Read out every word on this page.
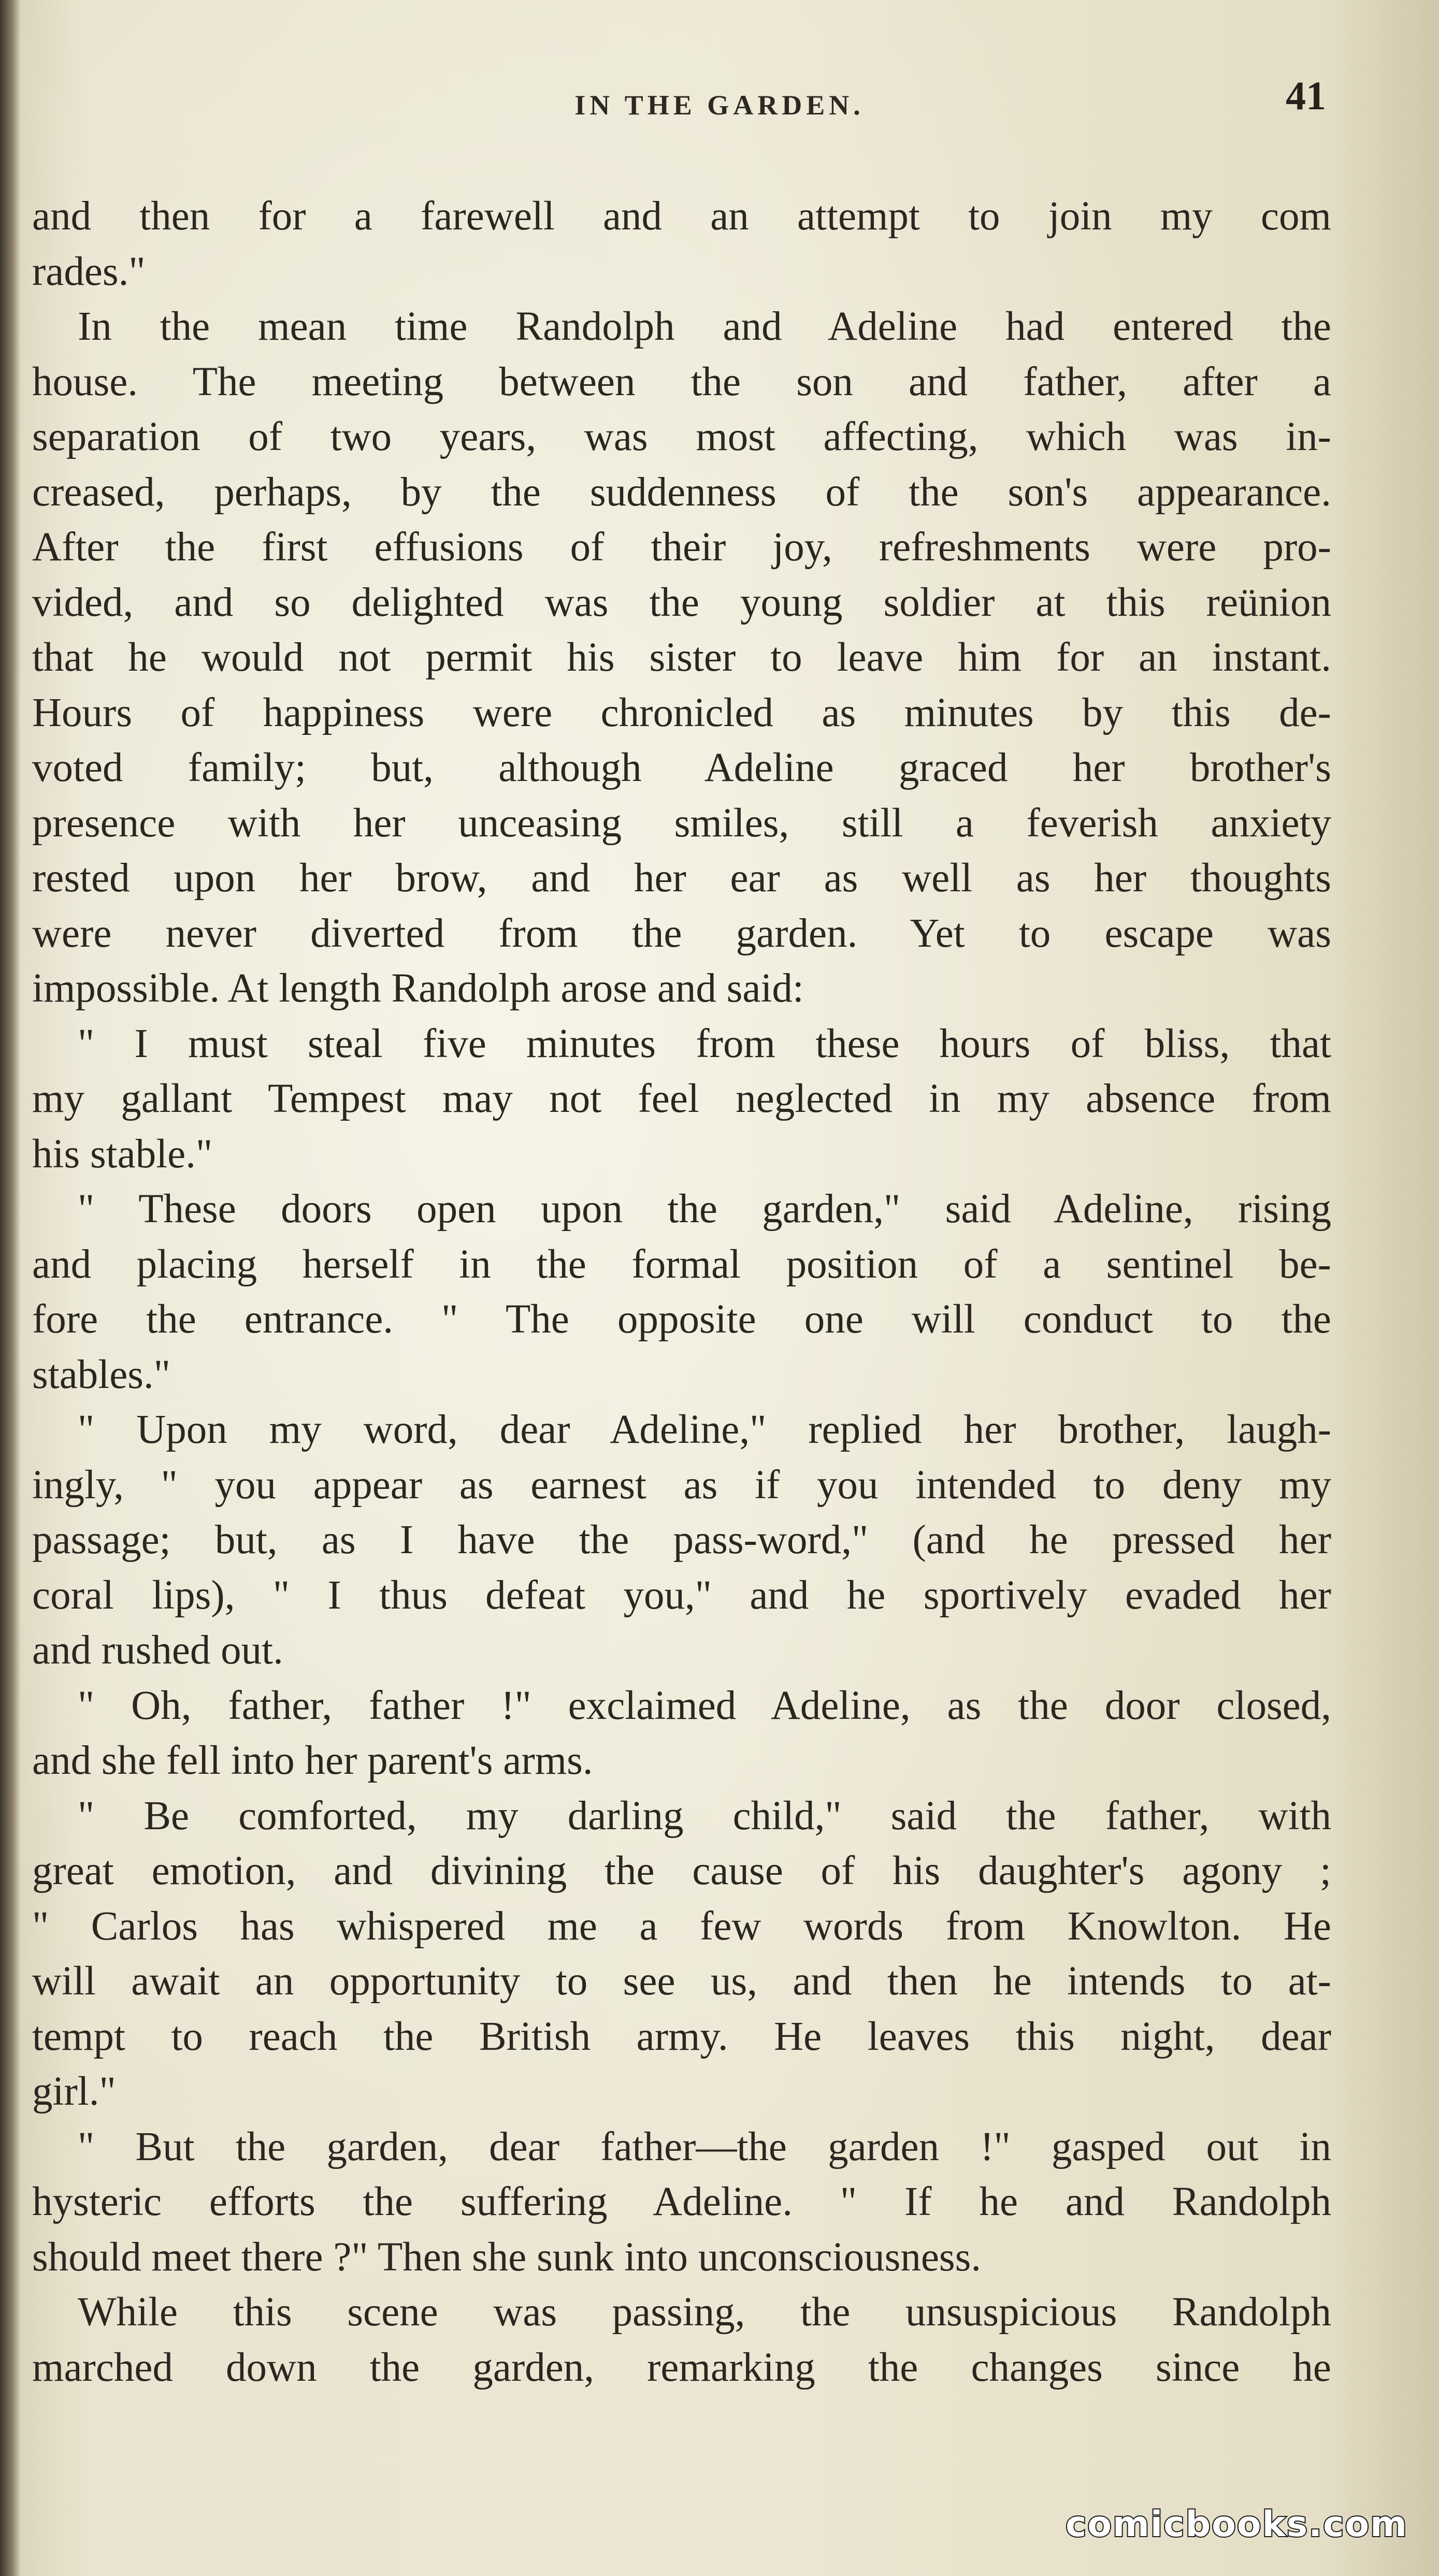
IN THE GARDEN.	41
and then for a farewell and an attempt to join my com
rades."
In the mean time Randolph and Adeline had entered the
house. The meeting between the son and father, after a
separation of two years, was most affecting, which was in-
creased, perhaps, by the suddenness of the son's appearance.
After the first effusions of their joy, refreshments were pro-
vided, and so delighted was the young soldier at this reünion
that he would not permit his sister to leave him for an instant.
Hours of happiness were chronicled as minutes by this de-
voted family; but, although Adeline graced her brother's
presence with her unceasing smiles, still a feverish anxiety
rested upon her brow, and her ear as well as her thoughts
were never diverted from the garden. Yet to escape was
impossible. At length Randolph arose and said:
" I must steal five minutes from these hours of bliss, that
my gallant Tempest may not feel neglected in my absence from
his stable."
" These doors open upon the garden," said Adeline, rising
and placing herself in the formal position of a sentinel be-
fore the entrance. " The opposite one will conduct to the
stables."
" Upon my word, dear Adeline," replied her brother, laugh-
ingly, " you appear as earnest as if you intended to deny my
passage; but, as I have the pass-word," (and he pressed her
coral lips), " I thus defeat you," and he sportively evaded her
and rushed out.
" Oh, father, father !" exclaimed Adeline, as the door closed,
and she fell into her parent's arms.
" Be comforted, my darling child," said the father, with
great emotion, and divining the cause of his daughter's agony ;
" Carlos has whispered me a few words from Knowlton. He
will await an opportunity to see us, and then he intends to at-
tempt to reach the British army. He leaves this night, dear
girl."
" But the garden, dear father—the garden !" gasped out in
hysteric efforts the suffering Adeline. " If he and Randolph
should meet there ?" Then she sunk into unconsciousness.
While this scene was passing, the unsuspicious Randolph
marched down the garden, remarking the changes since he
comicbooks.com
